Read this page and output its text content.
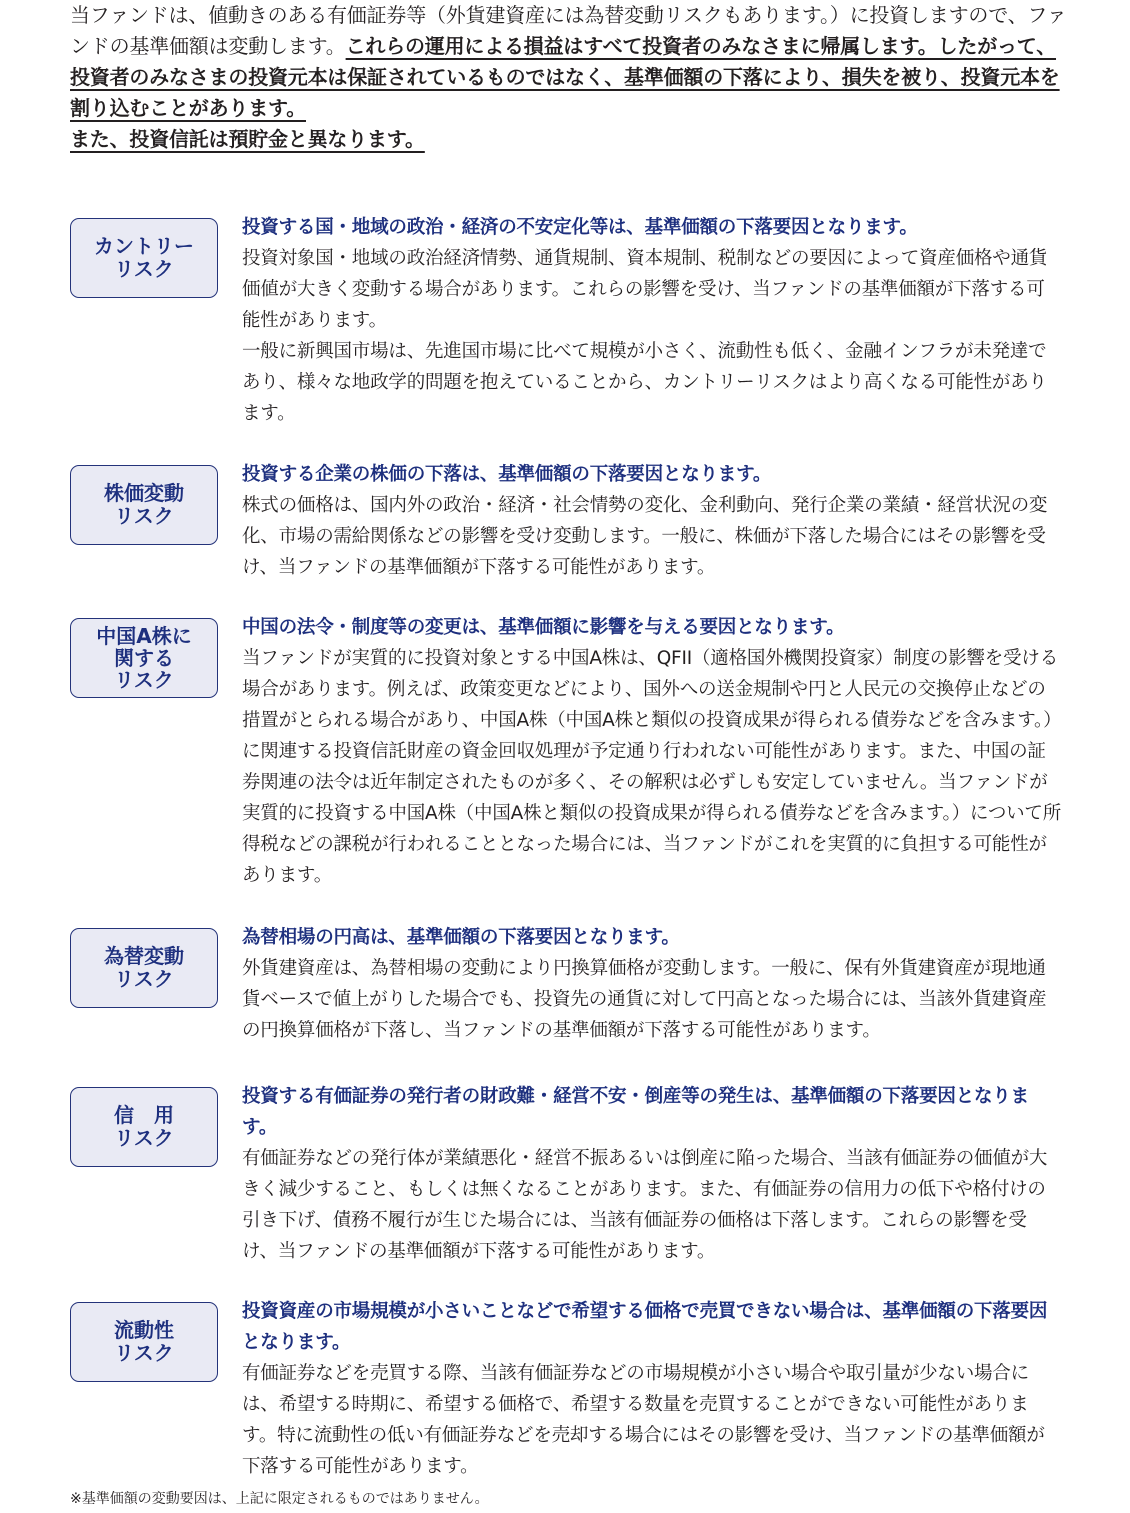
当ファンドは、値動きのある有価証券等（外貨建資産には為替変動リスクもあります。）に投資しますので、ファンドの基準価額は変動します。これらの運用による損益はすべて投資者のみなさまに帰属します。したがって、投資者のみなさまの投資元本は保証されているものではなく、基準価額の下落により、損失を被り、投資元本を割り込むことがあります。
また、投資信託は預貯金と異なります。
カントリー
リスク
投資する国・地域の政治・経済の不安定化等は、基準価額の下落要因となります。

投資対象国・地域の政治経済情勢、通貨規制、資本規制、税制などの要因によって資産価格や通貨価値が大きく変動する場合があります。これらの影響を受け、当ファンドの基準価額が下落する可能性があります。

一般に新興国市場は、先進国市場に比べて規模が小さく、流動性も低く、金融インフラが未発達であり、様々な地政学的問題を抱えていることから、カントリーリスクはより高くなる可能性があります。

株価変動
リスク
投資する企業の株価の下落は、基準価額の下落要因となります。

株式の価格は、国内外の政治・経済・社会情勢の変化、金利動向、発行企業の業績・経営状況の変化、市場の需給関係などの影響を受け変動します。一般に、株価が下落した場合にはその影響を受け、当ファンドの基準価額が下落する可能性があります。

中国A株に
関する
リスク
中国の法令・制度等の変更は、基準価額に影響を与える要因となります。

当ファンドが実質的に投資対象とする中国A株は、QFII（適格国外機関投資家）制度の影響を受ける場合があります。例えば、政策変更などにより、国外への送金規制や円と人民元の交換停止などの措置がとられる場合があり、中国A株（中国A株と類似の投資成果が得られる債券などを含みます。）に関連する投資信託財産の資金回収処理が予定通り行われない可能性があります。また、中国の証券関連の法令は近年制定されたものが多く、その解釈は必ずしも安定していません。当ファンドが実質的に投資する中国A株（中国A株と類似の投資成果が得られる債券などを含みます。）について所得税などの課税が行われることとなった場合には、当ファンドがこれを実質的に負担する可能性があります。

為替変動
リスク
為替相場の円高は、基準価額の下落要因となります。

外貨建資産は、為替相場の変動により円換算価格が変動します。一般に、保有外貨建資産が現地通貨ベースで値上がりした場合でも、投資先の通貨に対して円高となった場合には、当該外貨建資産の円換算価格が下落し、当ファンドの基準価額が下落する可能性があります。

信　用
リスク
投資する有価証券の発行者の財政難・経営不安・倒産等の発生は、基準価額の下落要因となります。

有価証券などの発行体が業績悪化・経営不振あるいは倒産に陥った場合、当該有価証券の価値が大きく減少すること、もしくは無くなることがあります。また、有価証券の信用力の低下や格付けの引き下げ、債務不履行が生じた場合には、当該有価証券の価格は下落します。これらの影響を受け、当ファンドの基準価額が下落する可能性があります。

流動性
リスク
投資資産の市場規模が小さいことなどで希望する価格で売買できない場合は、基準価額の下落要因となります。

有価証券などを売買する際、当該有価証券などの市場規模が小さい場合や取引量が少ない場合には、希望する時期に、希望する価格で、希望する数量を売買することができない可能性があります。特に流動性の低い有価証券などを売却する場合にはその影響を受け、当ファンドの基準価額が下落する可能性があります。

※基準価額の変動要因は、上記に限定されるものではありません。
